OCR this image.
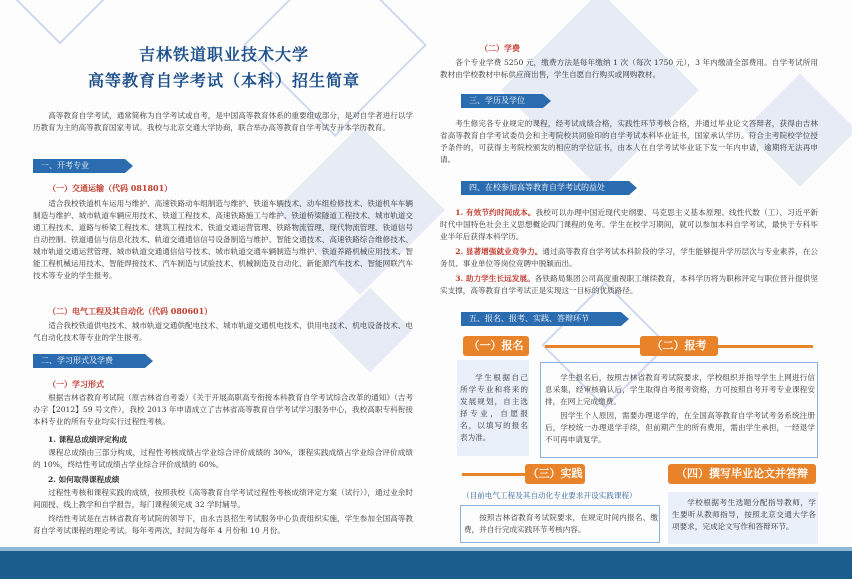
吉林铁道职业技术大学
高等教育自学考试（本科）招生简章
高等教育自学考试，通常简称为自学考试或自考，是中国高等教育体系的重要组成部分，是对自学者进行以学历教育为主的高等教育国家考试。我校与北京交通大学协商，联合举办高等教育自学考试专升本学历教育。
一、开考专业
（一）交通运输（代码 081801）
适合我校铁道机车运用与维护、高速铁路动车组制造与维护、铁道车辆技术、动车组检修技术、铁道机车车辆制造与维护、城市轨道车辆应用技术、铁道工程技术、高速铁路施工与维护、铁道桥梁隧道工程技术、城市轨道交通工程技术、道路与桥梁工程技术、建筑工程技术、铁道交通运营管理、铁路物流管理、现代物流管理、铁道信号自动控制、铁道通信与信息化技术、轨道交通通信信号设备制造与维护、智能交通技术、高速铁路综合维修技术、城市轨道交通运营管理、城市轨道交通通信信号技术、城市轨道交通车辆制造与维护、铁道养路机械应用技术、智能工程机械运用技术、智能焊接技术、汽车制造与试验技术、机械制造及自动化、新能源汽车技术、智能网联汽车技术等专业的学生报考。
（二）电气工程及其自动化（代码 080601）
适合我校铁道供电技术、城市轨道交通供配电技术、城市轨道交通机电技术、供用电技术、机电设备技术、电气自动化技术等专业的学生报考。
二、学习形式及学费
（一）学习形式
根据吉林省教育考试院（原吉林省自考委）《关于开展高职高专衔接本科教育自学考试综合改革的通知》（吉考办字【2012】59 号文件），我校 2013 年申请成立了吉林省高等教育自学考试学习服务中心，我校高职专科衔接本科专业的所有专业均实行过程性考核。
1. 课程总成绩评定构成
课程总成绩由三部分构成，过程性考核成绩占学业综合评价成绩的 30%，课程实践成绩占学业综合评价成绩的 10%，终结性考试成绩占学业综合评价成绩的 60%。
2. 如何取得课程成绩
过程性考核和课程实践的成绩，按照我校《高等教育自学考试过程性考核成绩评定方案（试行）》，通过业余时间面授、线上教学和自学报告，每门课程须完成 32 学时辅导。
终结性考试是在吉林省教育考试院的领导下，由永吉县招生考试服务中心负责组织实施，学生参加全国高等教育自学考试课程的理论考试。每年考两次，时间为每年 4 月份和 10 月份。
（二）学费
各个专业学费 5250 元，缴费方法是每年缴纳 1 次（每次 1750 元），3 年内缴清全部费用。自学考试所用教材由学校教材中标供应商出售，学生自愿自行购买或网购教材。
三、学历及学位
考生修完各专业规定的课程，经考试成绩合格，实践性环节考核合格，并通过毕业论文答辩者，获得由吉林省高等教育自学考试委员会和主考院校共同验印的自学考试本科毕业证书，国家承认学历。符合主考院校学位授予条件的，可获得主考院校颁发的相应的学位证书，由本人在自学考试毕业证下发一年内申请，逾期将无法再申请。
四、在校参加高等教育自学考试的益处
1. 有效节约时间成本。我校可以办理中国近现代史纲要、马克思主义基本原理、线性代数（工）、习近平新时代中国特色社会主义思想概论四门课程的免考。学生在校学习期间，就可以参加本科自学考试，最快于专科毕业半年后获得本科学历。
2. 显著增强就业竞争力。通过高等教育自学考试本科阶段的学习，学生能够提升学历层次与专业素养，在公务员、事业单位等岗位竞聘中脱颖而出。
3. 助力学生长远发展。各铁路局集团公司高度重视职工继续教育，本科学历将为职称评定与职位晋升提供坚实支撑，高等教育自学考试正是实现这一目标的优质路径。
五、报名、报考、实践、答辩环节
（一）报名
学生根据自己所学专业和将来的发展规划，自主选择专业，自愿报名，以填写的报名表为准。
（二）报考
学生报名后，按照吉林省教育考试院要求，学校组织并指导学生上网进行信息采集，经审核确认后，学生取得自考报考资格，方可按照自考开考专业课程安排，在网上完成缴费。
因学生个人原因，需要办理退学的，在全国高等教育自学考试考务系统注册后，学校统一办理退学手续，但前期产生的所有费用，需由学生承担，一经退学不可再申请复学。
（三）实践
（目前电气工程及其自动化专业要求开设实践课程）
按照吉林省教育考试院要求，在规定时间内报名、缴费，并自行完成实践环节考核内容。
（四）撰写毕业论文并答辩
学校根据考生选题分配指导教师，学生要听从教师指导，按照北京交通大学各项要求，完成论文写作和答辩环节。
